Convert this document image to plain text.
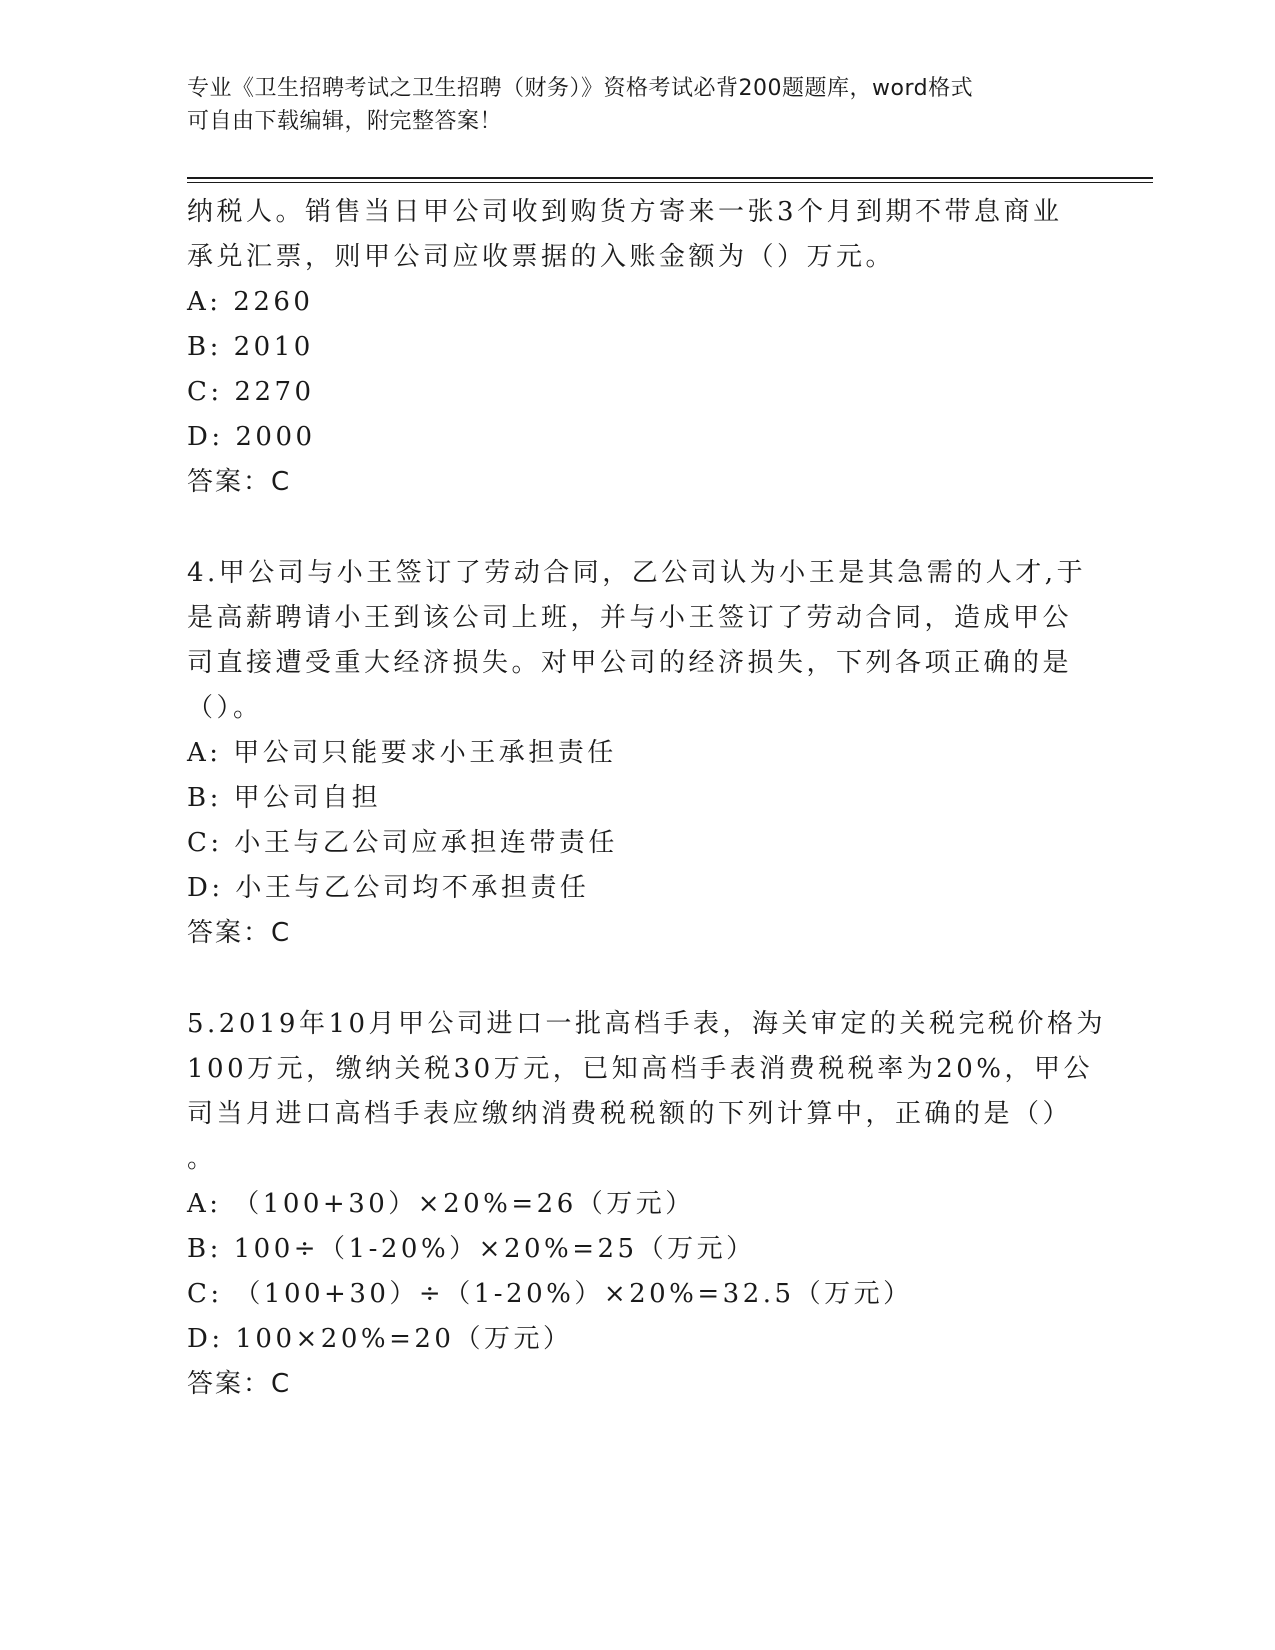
专业《卫生招聘考试之卫生招聘（财务）》资格考试必背200题题库，word格式
可自由下载编辑，附完整答案！
纳税人。销售当日甲公司收到购货方寄来一张3个月到期不带息商业
承兑汇票，则甲公司应收票据的入账金额为（）万元。
A: 2260
B: 2010
C: 2270
D: 2000
答案：C
4.甲公司与小王签订了劳动合同，乙公司认为小王是其急需的人才,于
是高薪聘请小王到该公司上班，并与小王签订了劳动合同，造成甲公
司直接遭受重大经济损失。对甲公司的经济损失，下列各项正确的是
（）。
A: 甲公司只能要求小王承担责任
B: 甲公司自担
C: 小王与乙公司应承担连带责任
D: 小王与乙公司均不承担责任
答案：C
5.2019年10月甲公司进口一批高档手表，海关审定的关税完税价格为
100万元，缴纳关税30万元，已知高档手表消费税税率为20%，甲公
司当月进口高档手表应缴纳消费税税额的下列计算中，正确的是（）
。
A: （100+30）×20%=26（万元）
B: 100÷（1-20%）×20%=25（万元）
C: （100+30）÷（1-20%）×20%=32.5（万元）
D: 100×20%=20（万元）
答案：C
